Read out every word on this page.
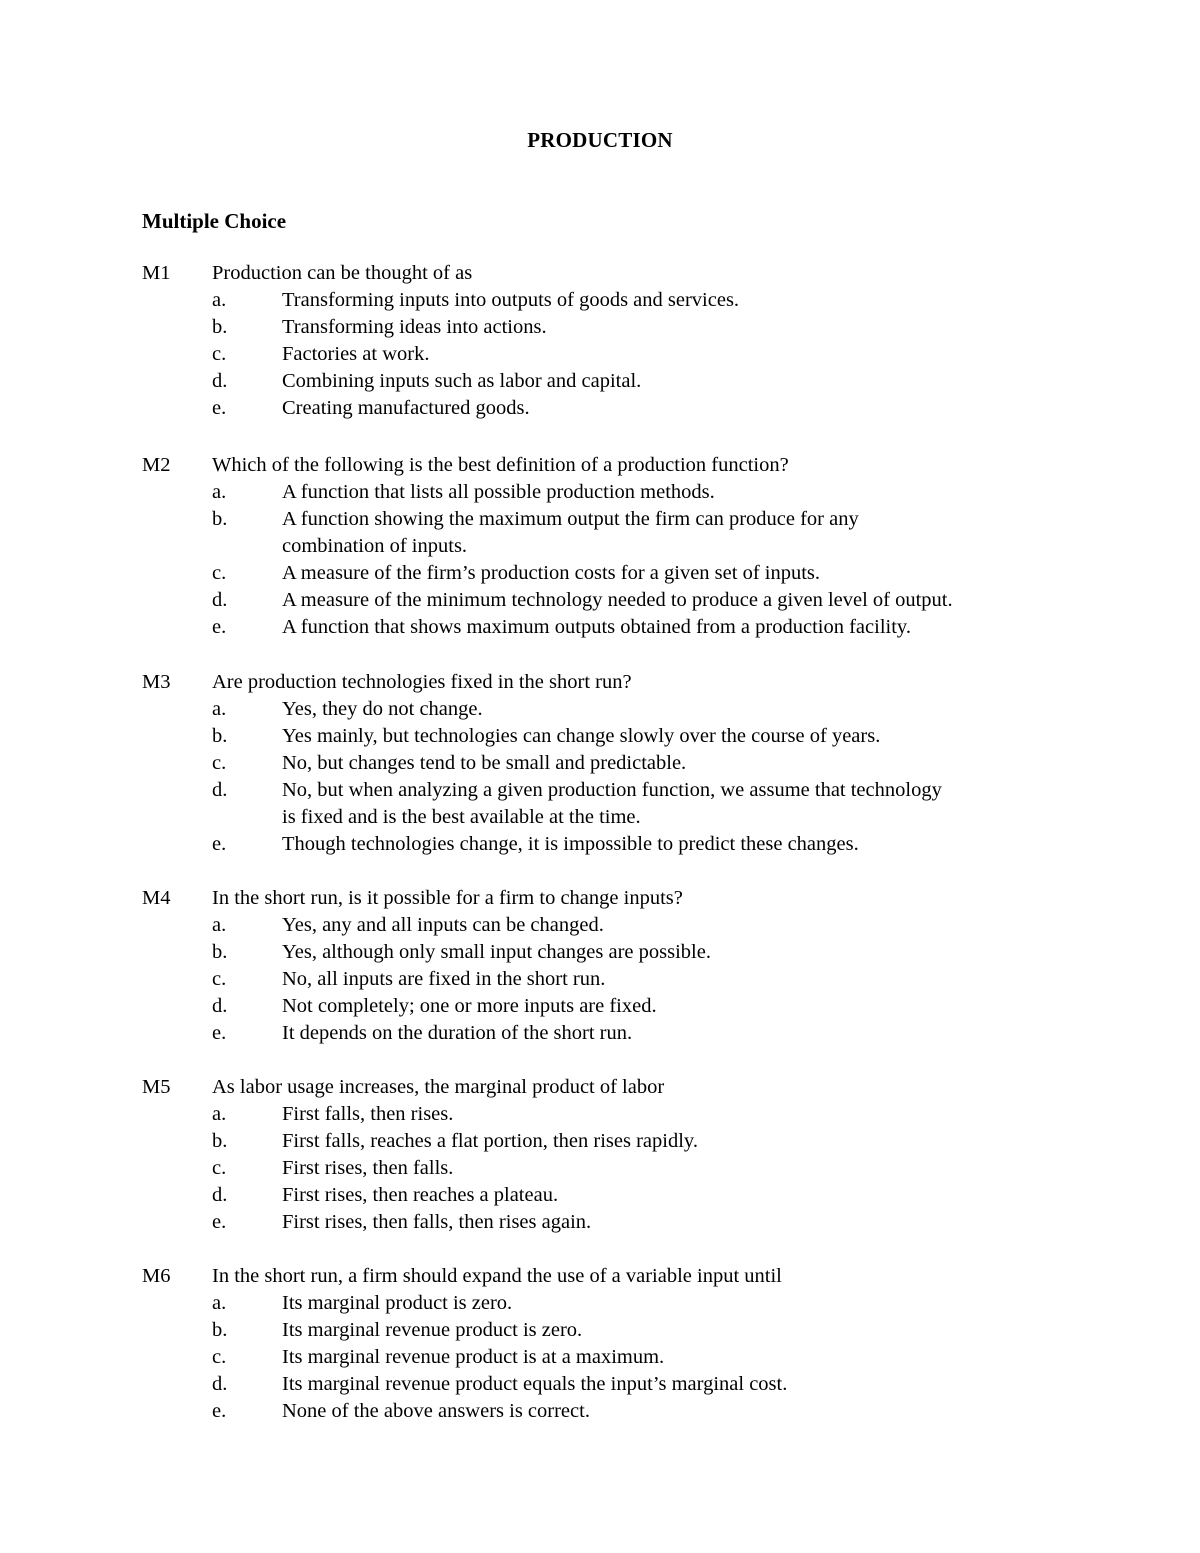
PRODUCTION
Multiple Choice
M1 Production can be thought of as
a.	Transforming inputs into outputs of goods and services.
b.	Transforming ideas into actions.
c.	Factories at work.
d.	Combining inputs such as labor and capital.
e.	Creating manufactured goods.
M2 Which of the following is the best definition of a production function?
a.	A function that lists all possible production methods.
b.	A function showing the maximum output the firm can produce for any
combination of inputs.
c.	A measure of the firm’s production costs for a given set of inputs.
d.	A measure of the minimum technology needed to produce a given level of output.
e.	A function that shows maximum outputs obtained from a production facility.
M3 Are production technologies fixed in the short run?
a.	Yes, they do not change.
b.	Yes mainly, but technologies can change slowly over the course of years.
c.	No, but changes tend to be small and predictable.
d.	No, but when analyzing a given production function, we assume that technology
is fixed and is the best available at the time.
e.	Though technologies change, it is impossible to predict these changes.
M4 In the short run, is it possible for a firm to change inputs?
a.	Yes, any and all inputs can be changed.
b.	Yes, although only small input changes are possible.
c.	No, all inputs are fixed in the short run.
d.	Not completely; one or more inputs are fixed.
e.	It depends on the duration of the short run.
M5 As labor usage increases, the marginal product of labor
a.	First falls, then rises.
b.	First falls, reaches a flat portion, then rises rapidly.
c.	First rises, then falls.
d.	First rises, then reaches a plateau.
e.	First rises, then falls, then rises again.
M6 In the short run, a firm should expand the use of a variable input until
a.	Its marginal product is zero.
b.	Its marginal revenue product is zero.
c.	Its marginal revenue product is at a maximum.
d.	Its marginal revenue product equals the input’s marginal cost.
e.	None of the above answers is correct.
